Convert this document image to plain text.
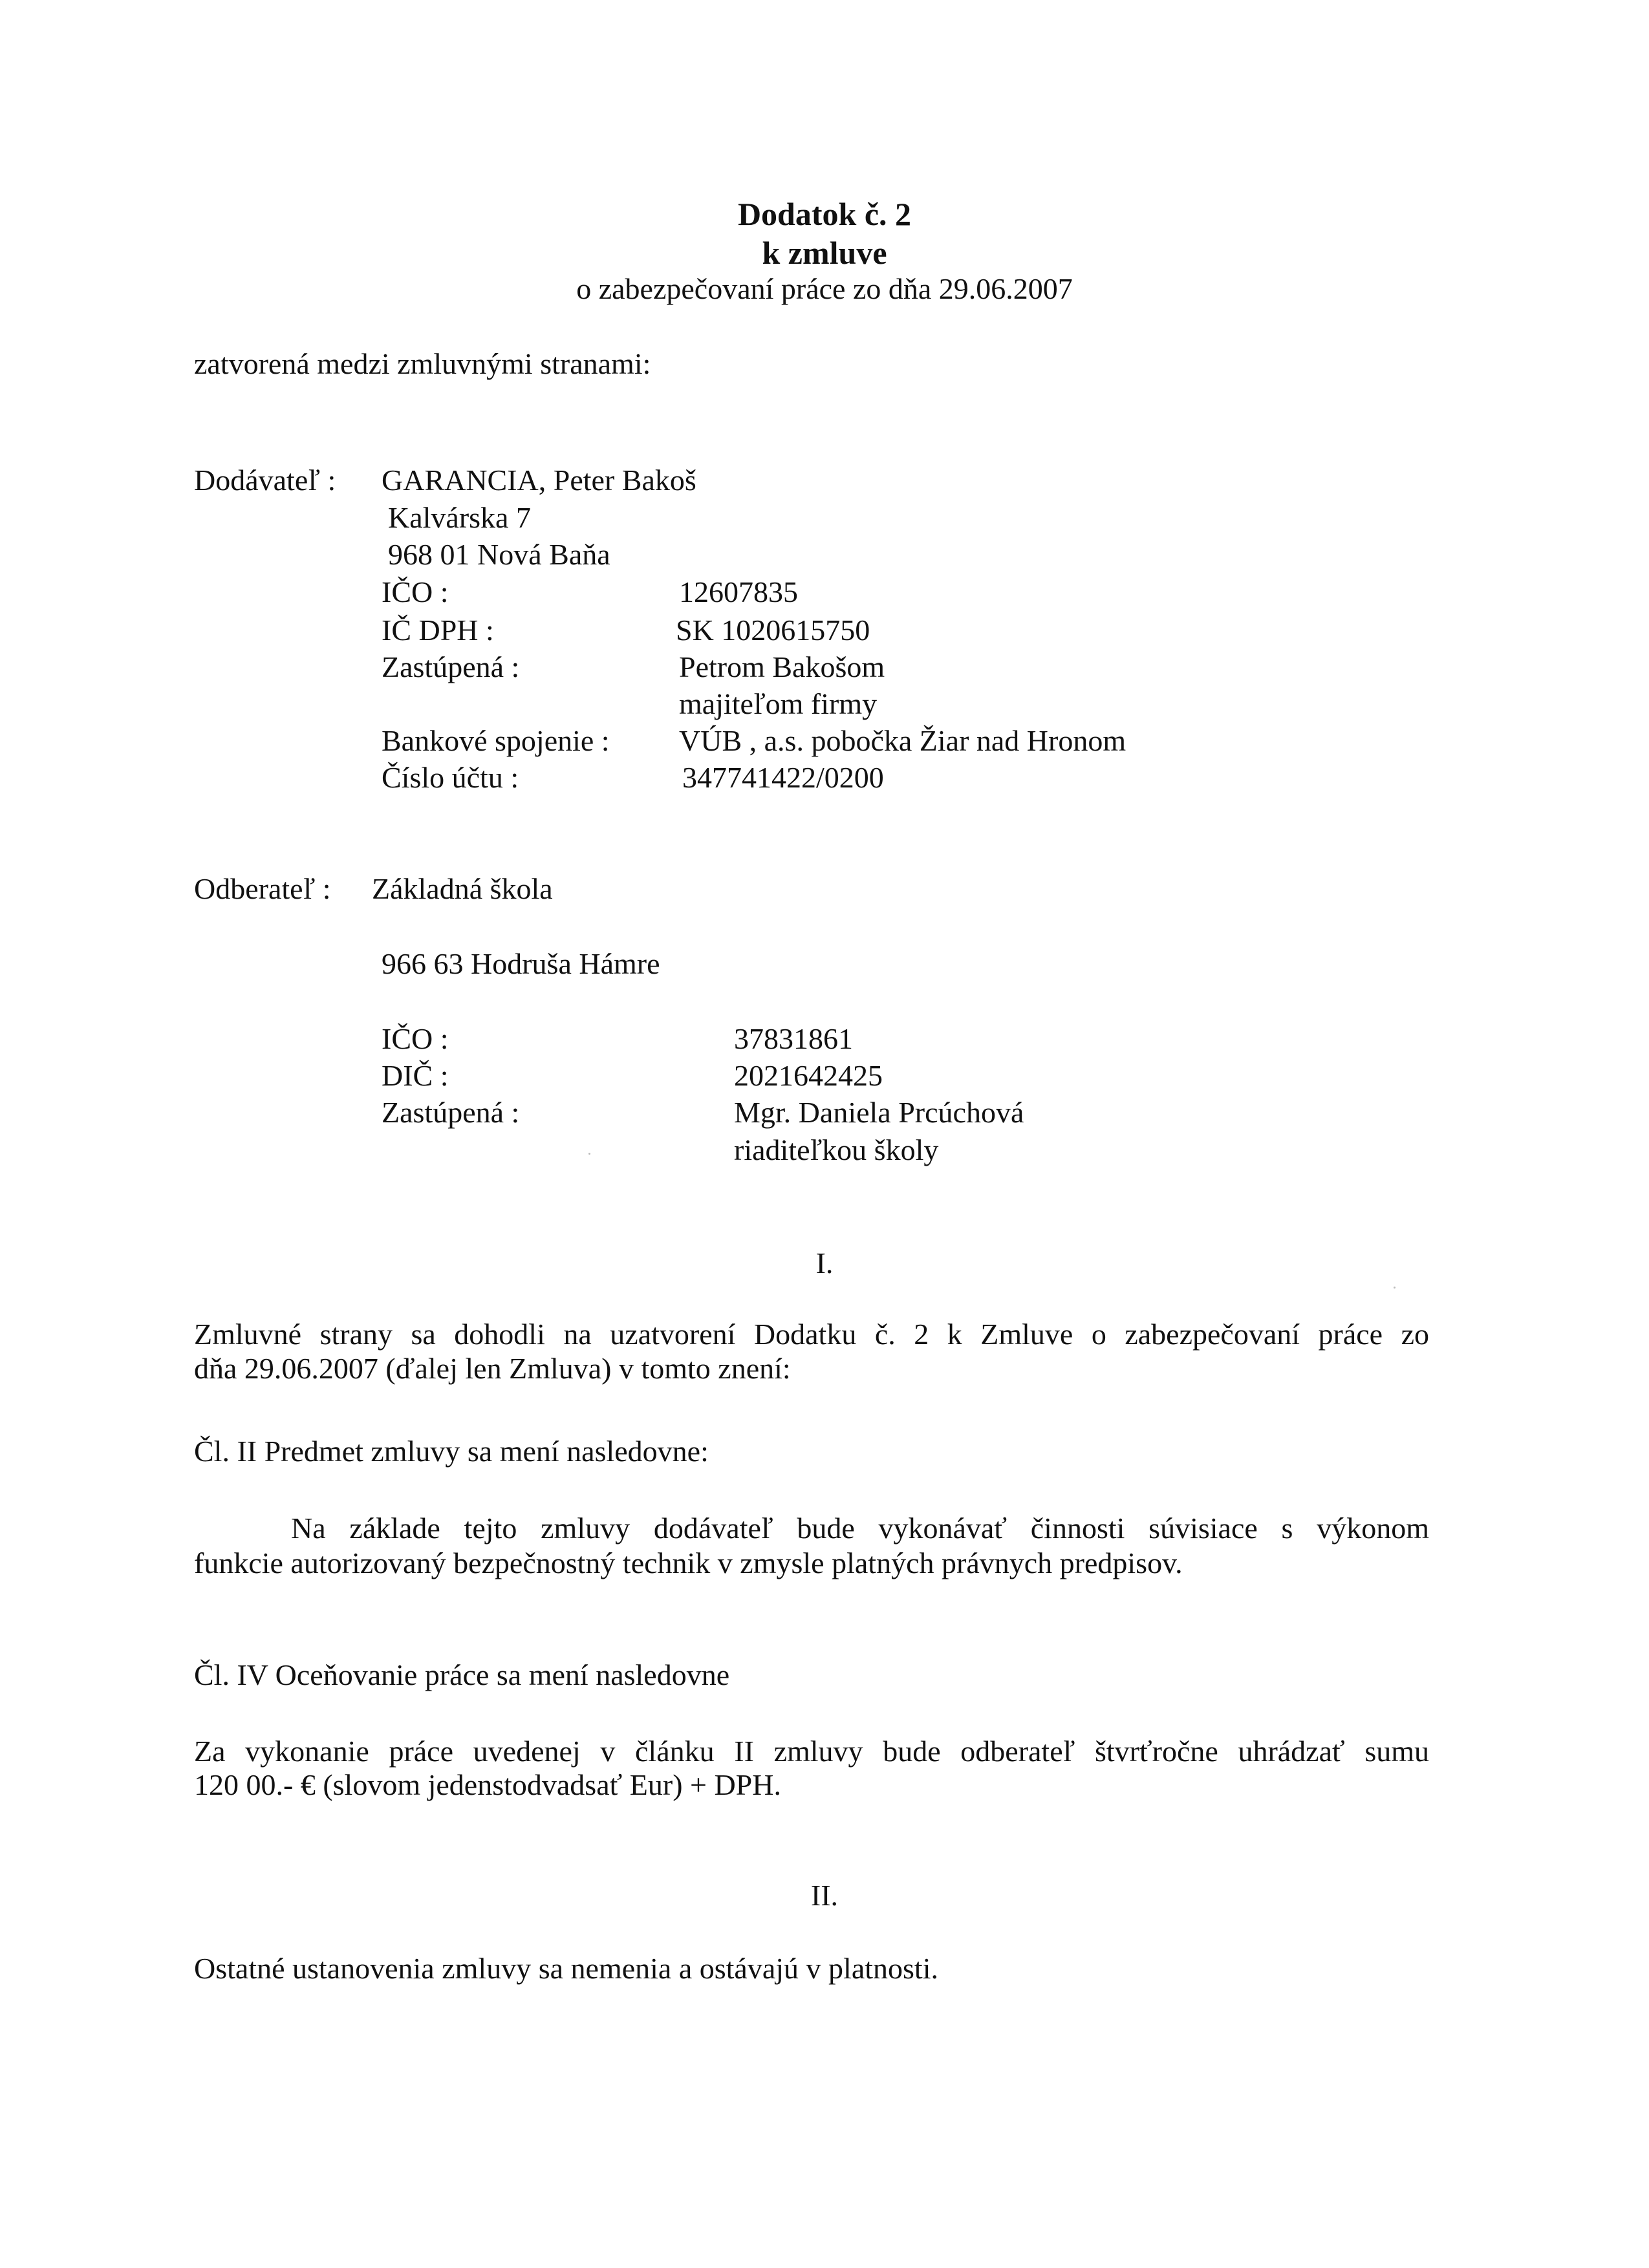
Dodatok č. 2
k zmluve
o zabezpečovaní práce zo dňa 29.06.2007
zatvorená medzi zmluvnými stranami:
Dodávateľ : GARANCIA, Peter Bakoš
Kalvárska 7
968 01 Nová Baňa
IČO :	12607835
IČ DPH :	SK 1020615750
Zastúpená :	Petrom Bakošom
majiteľom firmy
Bankové spojenie : VÚB , a.s. pobočka Žiar nad Hronom
Číslo účtu :	347741422/0200
Odberateľ : Základná škola
966 63 Hodruša Hámre
IČO :	37831861
DIČ :	2021642425
Zastúpená :	Mgr. Daniela Prcúchová
riaditeľkou školy
I.
Zmluvné strany sa dohodli na uzatvorení Dodatku č. 2 k Zmluve o zabezpečovaní práce zo
dňa 29.06.2007 (ďalej len Zmluva) v tomto znení:
Čl. II Predmet zmluvy sa mení nasledovne:
Na základe tejto zmluvy dodávateľ bude vykonávať činnosti súvisiace s výkonom
funkcie autorizovaný bezpečnostný technik v zmysle platných právnych predpisov.
Čl. IV Oceňovanie práce sa mení nasledovne
Za vykonanie práce uvedenej v článku II zmluvy bude odberateľ štvrťročne uhrádzať sumu
120 00.- € (slovom jedenstodvadsať Eur) + DPH.
II.
Ostatné ustanovenia zmluvy sa nemenia a ostávajú v platnosti.
